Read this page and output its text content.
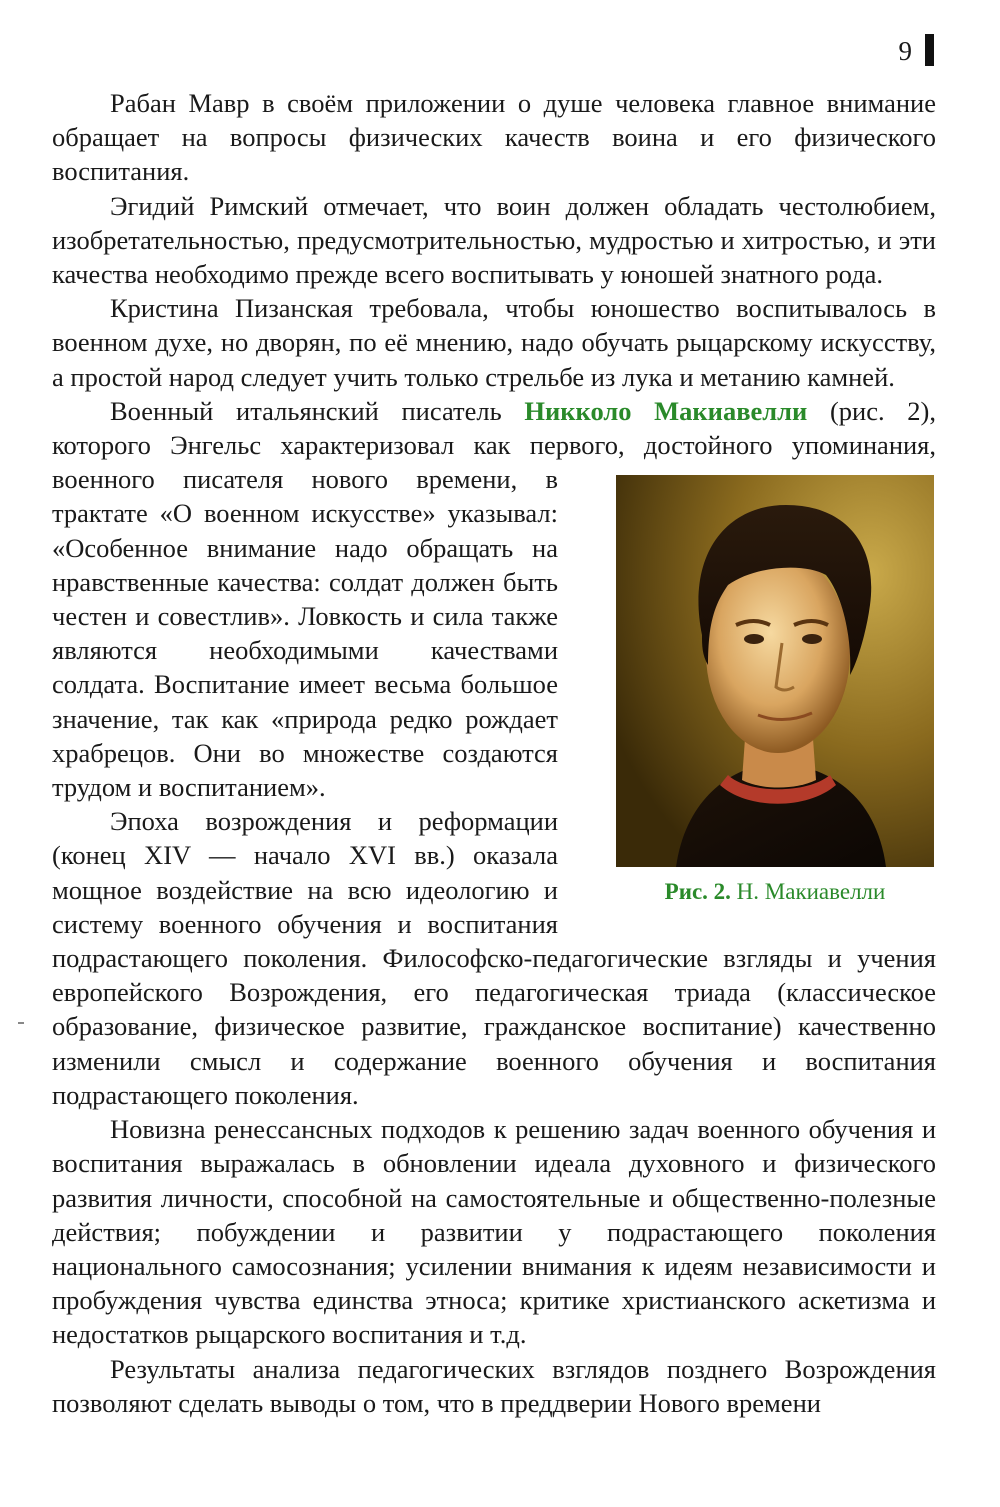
9

Рабан Мавр в своём приложении о душе человека главное внимание обращает на вопросы физических качеств воина и его физического воспитания.

Эгидий Римский отмечает, что воин должен обладать честолюбием, изобретательностью, предусмотрительностью, мудростью и хитростью, и эти качества необходимо прежде всего воспитывать у юношей знатного рода.

Кристина Пизанская требовала, чтобы юношество воспитывалось в военном духе, но дворян, по её мнению, надо обучать рыцарскому искусству, а простой народ следует учить только стрельбе из лука и метанию камней.

Военный итальянский писатель Никколо Макиавелли (рис. 2), которого Энгельс характеризовал как первого, достойного упоминания, военного писателя нового времени,
Рис. 2. Н. Макиавелли
в трактате «О военном искусстве» указывал: «Особенное внимание надо обращать на нравственные качества: солдат должен быть честен и совестлив». Ловкость и сила также являются необходимыми качествами солдата. Воспитание имеет весьма большое значение, так как «природа редко рождает храбрецов. Они во множестве создаются трудом и воспитанием».

Эпоха возрождения и реформации (конец XIV — начало XVI вв.) оказала мощное воздействие на всю идеологию и систему военного обучения и воспитания подрастающего поколения. Философско-педагогические взгляды и учения европейского Возрождения, его педагогическая триада (классическое образование, физическое развитие, гражданское воспитание) качественно изменили смысл и содержание военного обучения и воспитания подрастающего поколения.

Новизна ренессансных подходов к решению задач военного обучения и воспитания выражалась в обновлении идеала духовного и физического развития личности, способной на самостоятельные и общественно-полезные действия; побуждении и развитии у подрастающего поколения национального самосознания; усилении внимания к идеям независимости и пробуждения чувства единства этноса; критике христианского аскетизма и недостатков рыцарского воспитания и т.д.

Результаты анализа педагогических взглядов позднего Возрождения позволяют сделать выводы о том, что в преддверии Нового времени
